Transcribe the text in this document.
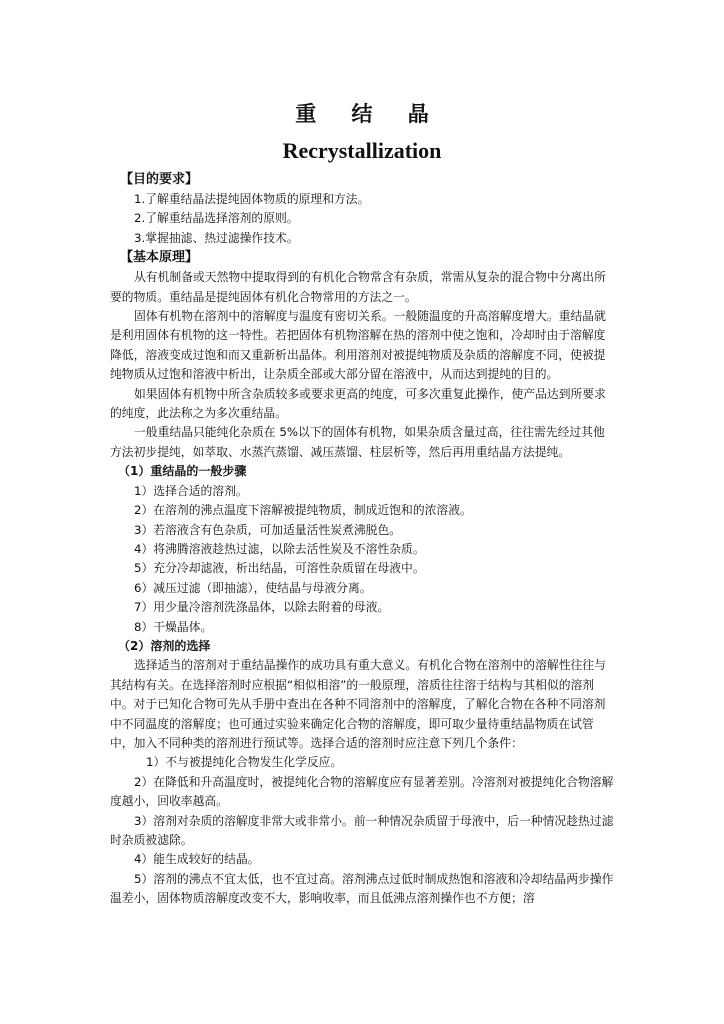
重 结 晶
Recrystallization

【目的要求】

1.了解重结晶法提纯固体物质的原理和方法。

2.了解重结晶选择溶剂的原则。

3.掌握抽滤、热过滤操作技术。

【基本原理】

从有机制备或天然物中提取得到的有机化合物常含有杂质，常需从复杂的混合物中分离出所要的物质。重结晶是提纯固体有机化合物常用的方法之一。

固体有机物在溶剂中的溶解度与温度有密切关系。一般随温度的升高溶解度增大。重结晶就是利用固体有机物的这一特性。若把固体有机物溶解在热的溶剂中使之饱和，冷却时由于溶解度降低，溶液变成过饱和而又重新析出晶体。利用溶剂对被提纯物质及杂质的溶解度不同，使被提纯物质从过饱和溶液中析出，让杂质全部或大部分留在溶液中，从而达到提纯的目的。

如果固体有机物中所含杂质较多或要求更高的纯度，可多次重复此操作，使产品达到所要求的纯度，此法称之为多次重结晶。

一般重结晶只能纯化杂质在 5%以下的固体有机物，如果杂质含量过高，往往需先经过其他方法初步提纯，如萃取、水蒸汽蒸馏、减压蒸馏、柱层析等，然后再用重结晶方法提纯。

（1）重结晶的一般步骤

1）选择合适的溶剂。

2）在溶剂的沸点温度下溶解被提纯物质，制成近饱和的浓溶液。

3）若溶液含有色杂质，可加适量活性炭煮沸脱色。

4）将沸腾溶液趁热过滤，以除去活性炭及不溶性杂质。

5）充分冷却滤液，析出结晶，可溶性杂质留在母液中。

6）减压过滤（即抽滤），使结晶与母液分离。

7）用少量冷溶剂洗涤晶体，以除去附着的母液。

8）干燥晶体。

（2）溶剂的选择

选择适当的溶剂对于重结晶操作的成功具有重大意义。有机化合物在溶剂中的溶解性往往与其结构有关。在选择溶剂时应根据“相似相溶”的一般原理，溶质往往溶于结构与其相似的溶剂中。对于已知化合物可先从手册中查出在各种不同溶剂中的溶解度，了解化合物在各种不同溶剂中不同温度的溶解度；也可通过实验来确定化合物的溶解度，即可取少量待重结晶物质在试管中，加入不同种类的溶剂进行预试等。选择合适的溶剂时应注意下列几个条件：

1）不与被提纯化合物发生化学反应。

2）在降低和升高温度时，被提纯化合物的溶解度应有显著差别。冷溶剂对被提纯化合物溶解度越小，回收率越高。

3）溶剂对杂质的溶解度非常大或非常小。前一种情况杂质留于母液中，后一种情况趁热过滤时杂质被滤除。

4）能生成较好的结晶。

5）溶剂的沸点不宜太低，也不宜过高。溶剂沸点过低时制成热饱和溶液和冷却结晶两步操作温差小，固体物质溶解度改变不大，影响收率，而且低沸点溶剂操作也不方便；溶
